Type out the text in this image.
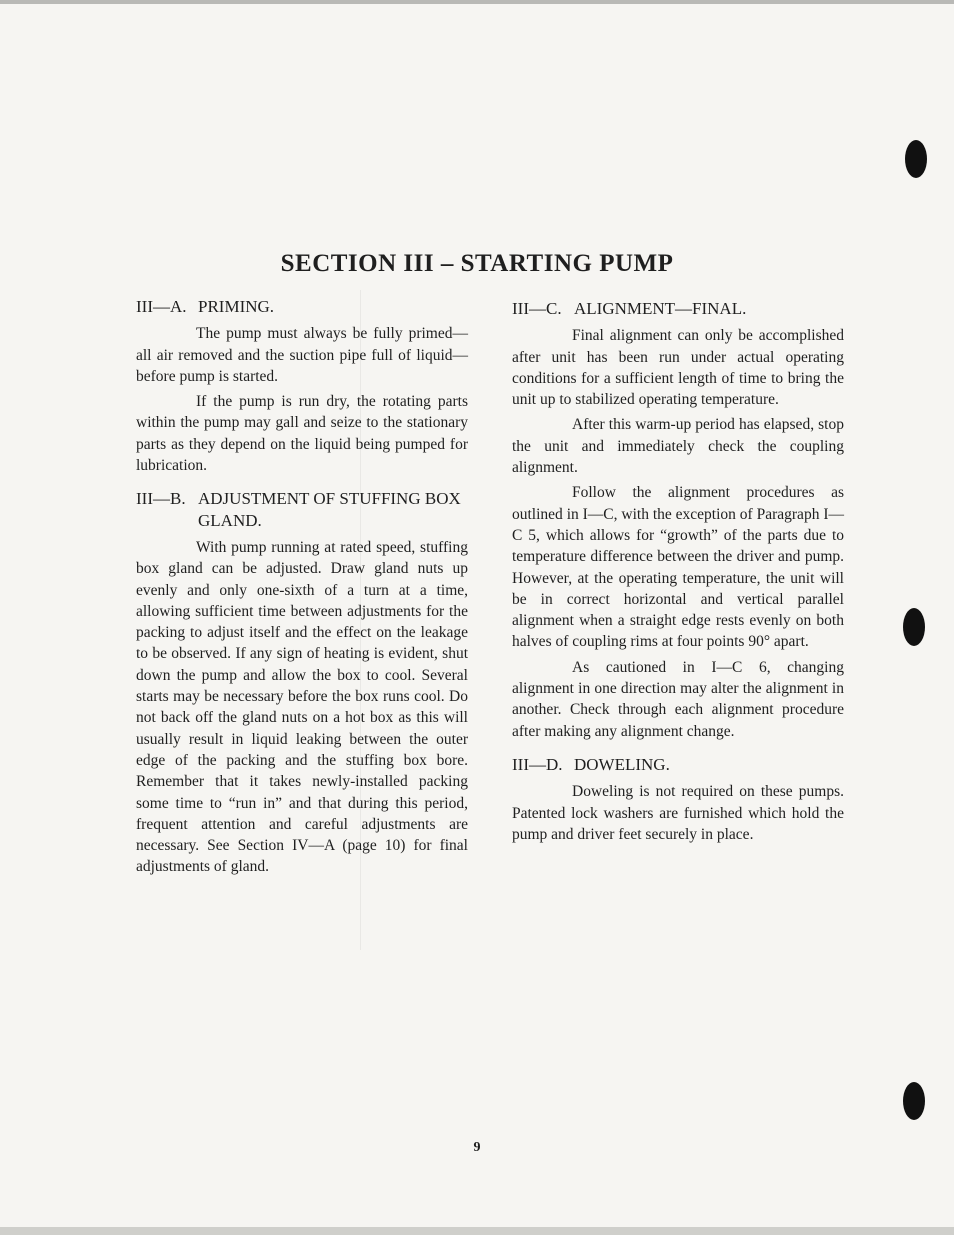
SECTION III – STARTING PUMP
III—A. PRIMING.

The pump must always be fully primed—all air removed and the suction pipe full of liquid—before pump is started.

If the pump is run dry, the rotating parts within the pump may gall and seize to the stationary parts as they depend on the liquid being pumped for lubrication.

III—B. ADJUSTMENT OF STUFFING BOX GLAND.

With pump running at rated speed, stuffing box gland can be adjusted. Draw gland nuts up evenly and only one-sixth of a turn at a time, allowing sufficient time between adjustments for the packing to adjust itself and the effect on the leakage to be observed. If any sign of heating is evident, shut down the pump and allow the box to cool. Several starts may be necessary before the box runs cool. Do not back off the gland nuts on a hot box as this will usually result in liquid leaking between the outer edge of the packing and the stuffing box bore. Remember that it takes newly-installed packing some time to “run in” and that during this period, frequent attention and careful adjustments are necessary. See Section IV—A (page 10) for final adjustments of gland.

III—C. ALIGNMENT—FINAL.

Final alignment can only be accomplished after unit has been run under actual operating conditions for a sufficient length of time to bring the unit up to stabilized operating temperature.

After this warm-up period has elapsed, stop the unit and immediately check the coupling alignment.

Follow the alignment procedures as outlined in I—C, with the exception of Paragraph I—C 5, which allows for “growth” of the parts due to temperature difference between the driver and pump. However, at the operating temperature, the unit will be in correct horizontal and vertical parallel alignment when a straight edge rests evenly on both halves of coupling rims at four points 90° apart.

As cautioned in I—C 6, changing alignment in one direction may alter the alignment in another. Check through each alignment procedure after making any alignment change.

III—D. DOWELING.

Doweling is not required on these pumps. Patented lock washers are furnished which hold the pump and driver feet securely in place.

9
